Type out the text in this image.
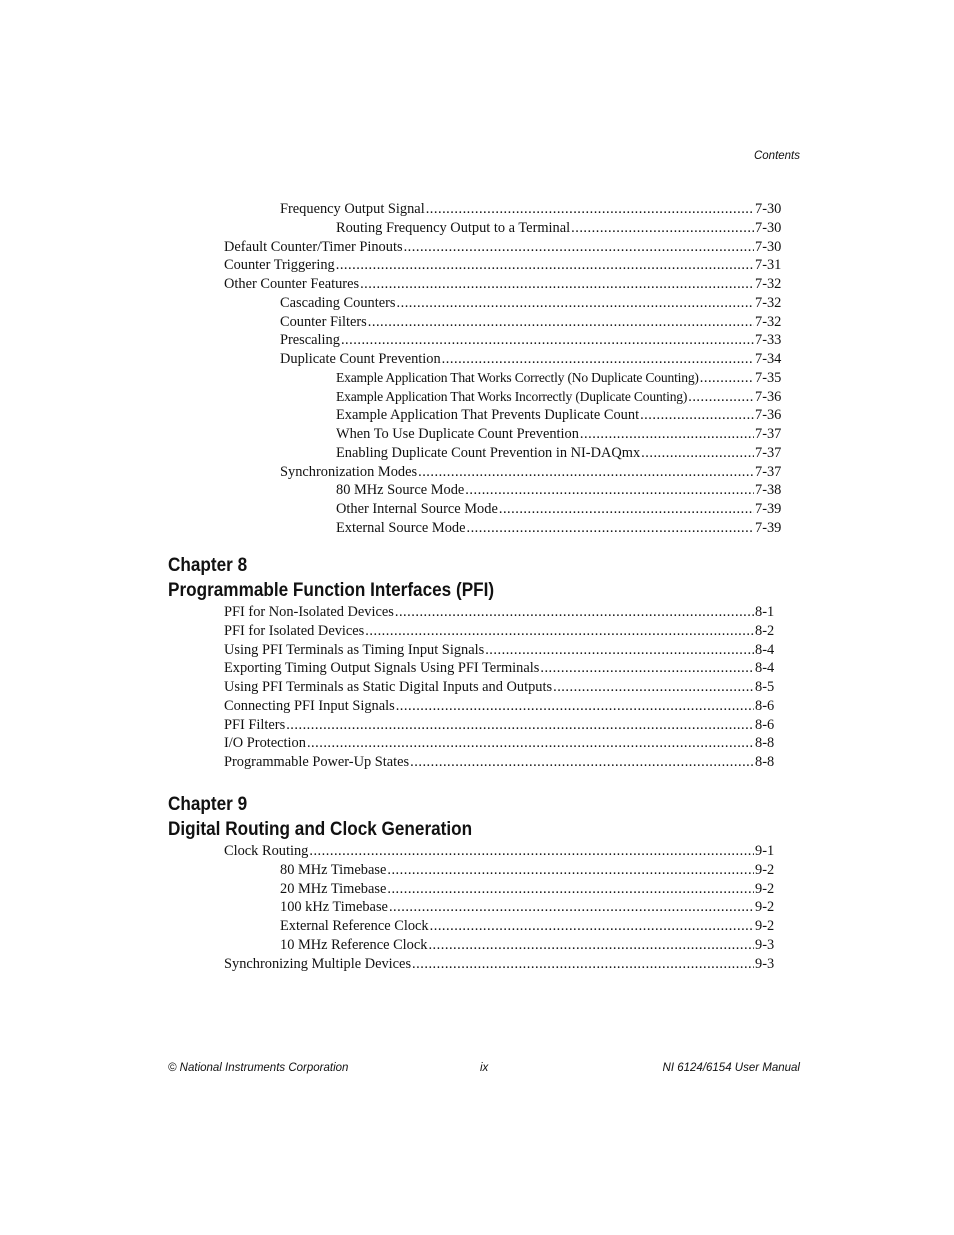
Contents
Frequency Output Signal .....	7-30
Routing Frequency Output to a Terminal .....	7-30
Default Counter/Timer Pinouts .....	7-30
Counter Triggering .....	7-31
Other Counter Features .....	7-32
Cascading Counters .....	7-32
Counter Filters .....	7-32
Prescaling .....	7-33
Duplicate Count Prevention .....	7-34
Example Application That Works Correctly (No Duplicate Counting) .....	7-35
Example Application That Works Incorrectly (Duplicate Counting) .....	7-36
Example Application That Prevents Duplicate Count .....	7-36
When To Use Duplicate Count Prevention .....	7-37
Enabling Duplicate Count Prevention in NI-DAQmx .....	7-37
Synchronization Modes .....	7-37
80 MHz Source Mode .....	7-38
Other Internal Source Mode .....	7-39
External Source Mode .....	7-39
Chapter 8
Programmable Function Interfaces (PFI)
PFI for Non-Isolated Devices .....	8-1
PFI for Isolated Devices .....	8-2
Using PFI Terminals as Timing Input Signals .....	8-4
Exporting Timing Output Signals Using PFI Terminals .....	8-4
Using PFI Terminals as Static Digital Inputs and Outputs .....	8-5
Connecting PFI Input Signals .....	8-6
PFI Filters .....	8-6
I/O Protection .....	8-8
Programmable Power-Up States .....	8-8
Chapter 9
Digital Routing and Clock Generation
Clock Routing .....	9-1
80 MHz Timebase .....	9-2
20 MHz Timebase .....	9-2
100 kHz Timebase .....	9-2
External Reference Clock .....	9-2
10 MHz Reference Clock .....	9-3
Synchronizing Multiple Devices .....	9-3
© National Instruments Corporation	ix	NI 6124/6154 User Manual
